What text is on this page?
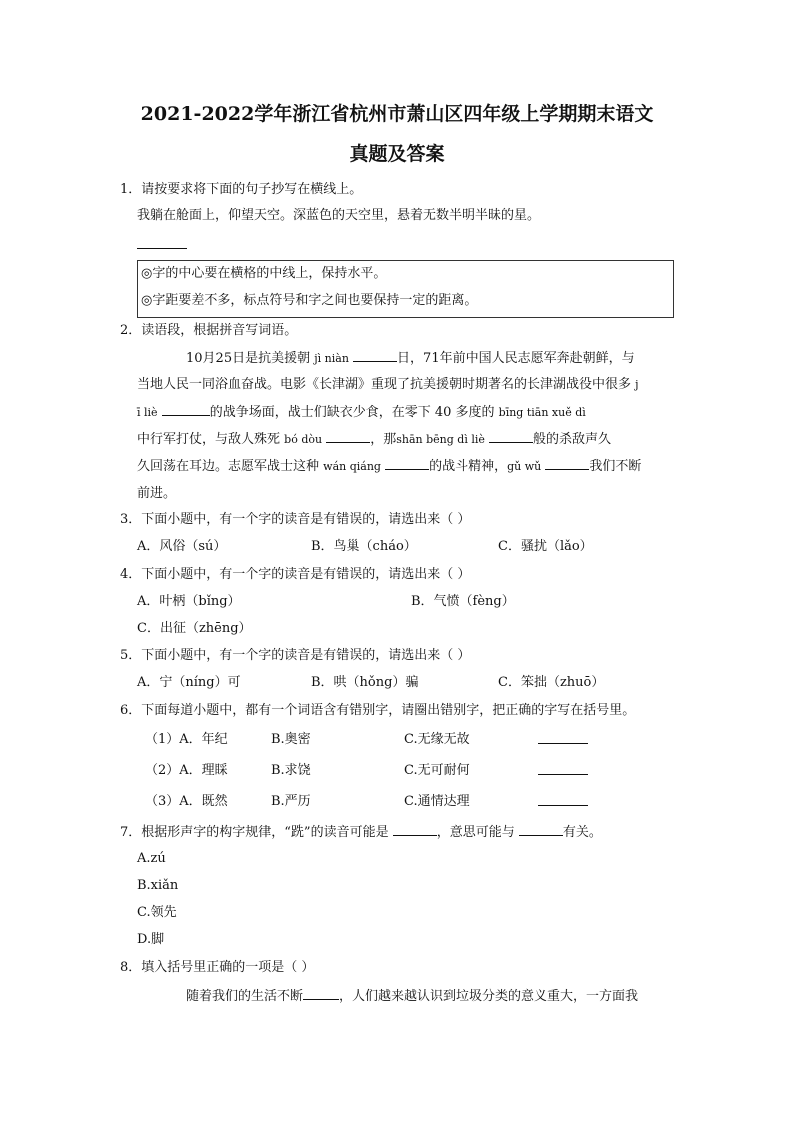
2021-2022学年浙江省杭州市萧山区四年级上学期期末语文
真题及答案
1．请按要求将下面的句子抄写在横线上。
我躺在舱面上，仰望天空。深蓝色的天空里，悬着无数半明半昧的星。
◎字的中心要在横格的中线上，保持水平。
◎字距要差不多，标点符号和字之间也要保持一定的距离。
2．读语段，根据拼音写词语。
10月25日是抗美援朝 jì niàn	日，71年前中国人民志愿军奔赴朝鲜，与
当地人民一同浴血奋战。电影《长津湖》重现了抗美援朝时期著名的长津湖战役中很多 j
ī liè	的战争场面，战士们缺衣少食，在零下 40 多度的 bīng tiān xuě dì
中行军打仗，与敌人殊死 bó dòu	，那shān bēng dì liè	般的杀敌声久
久回荡在耳边。志愿军战士这种 wán qiáng	的战斗精神，gǔ wǔ	我们不断
前进。
3．下面小题中，有一个字的读音是有错误的，请选出来（ ）
A．风俗（sú）	B．鸟巢（cháo）	C．骚扰（lǎo）
4．下面小题中，有一个字的读音是有错误的，请选出来（ ）
A．叶柄（bǐng）	B．气愤（fèng）
C．出征（zhēng）
5．下面小题中，有一个字的读音是有错误的，请选出来（ ）
A．宁（níng）可	B．哄（hǒng）骗	C．笨拙（zhuō）
6．下面每道小题中，都有一个词语含有错别字，请圈出错别字，把正确的字写在括号里。
（1）A．年纪	B.奥密	C.无缘无故
（2）A．理睬	B.求饶	C.无可耐何
（3）A．既然	B.严历	C.通情达理
7．根据形声字的构字规律，“跣”的读音可能是	，意思可能与	有关。
A.zú
B.xiǎn
C.领先
D.脚
8．填入括号里正确的一项是（ ）
随着我们的生活不断	，人们越来越认识到垃圾分类的意义重大，一方面我
